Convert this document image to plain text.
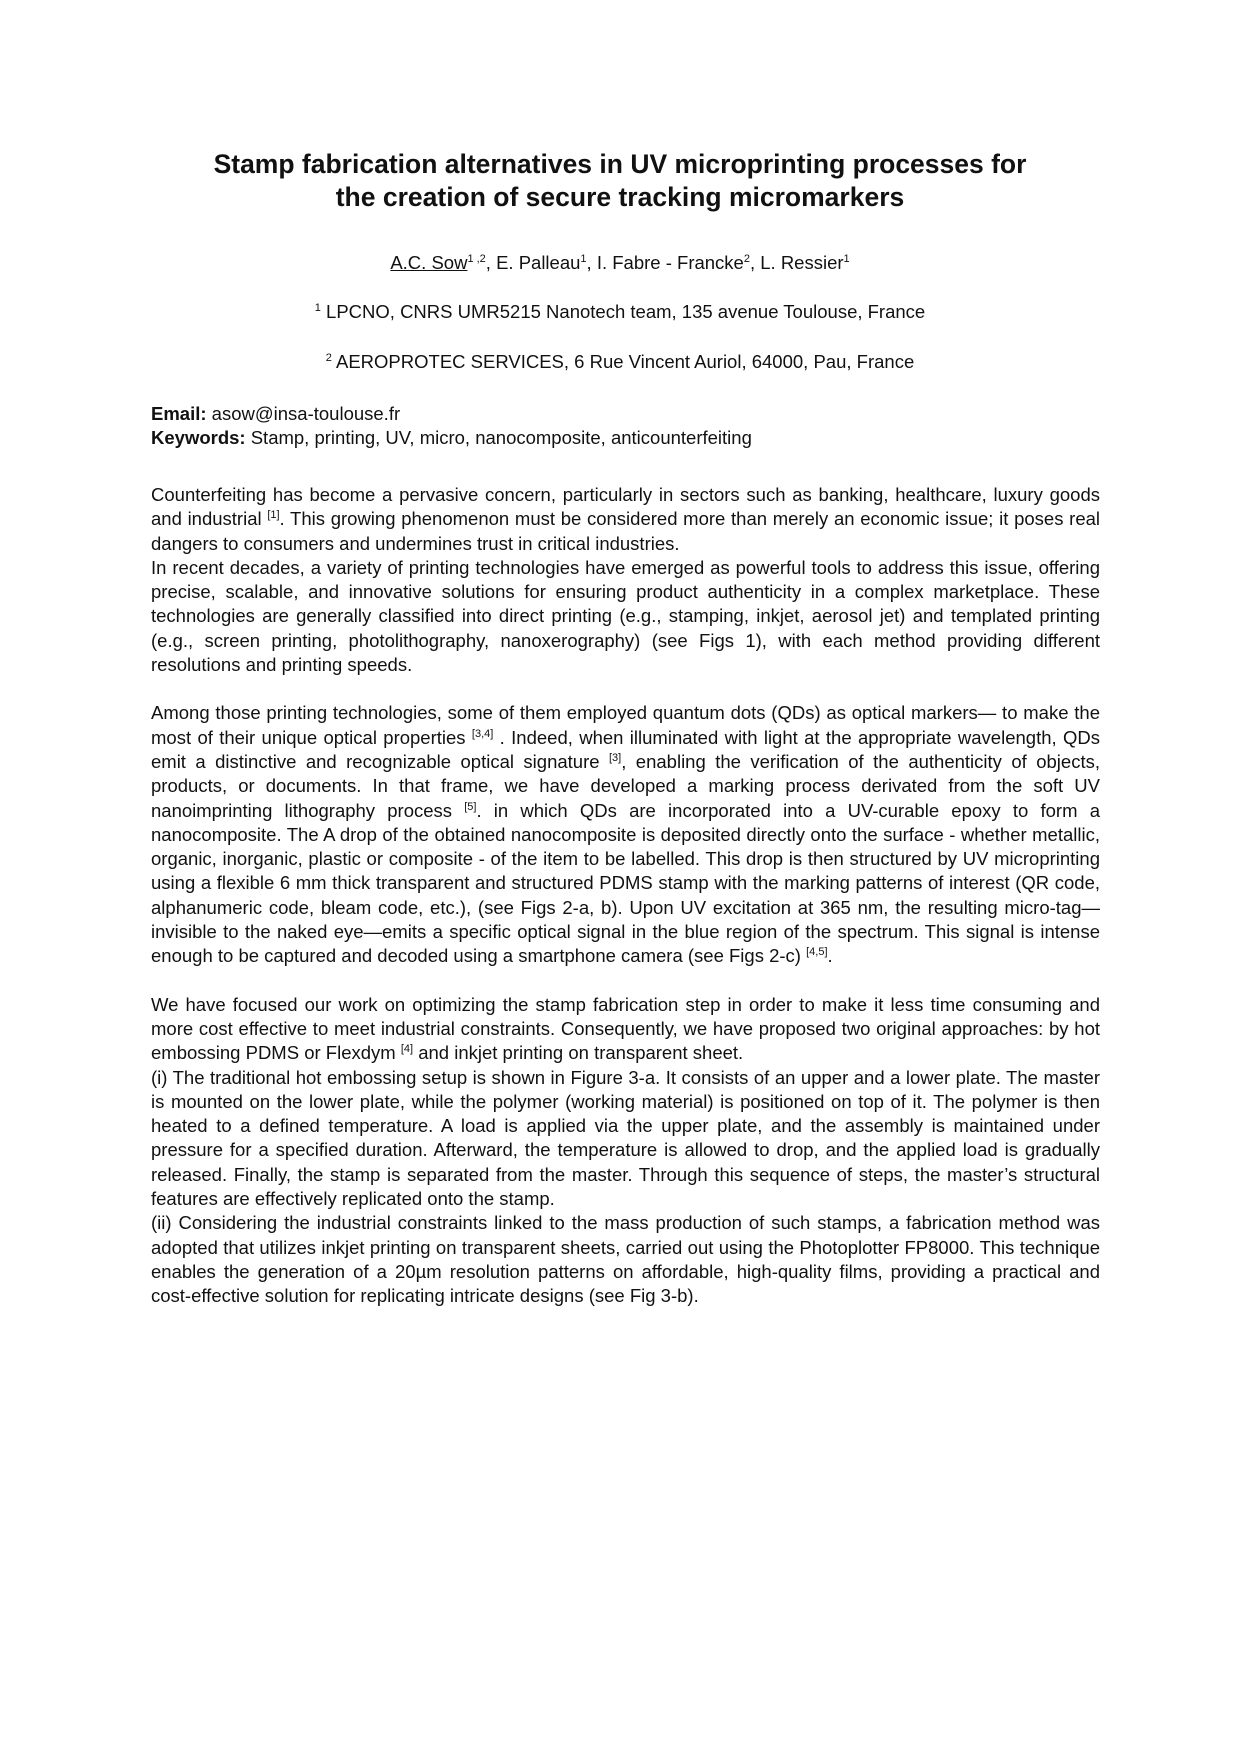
Stamp fabrication alternatives in UV microprinting processes for
the creation of secure tracking micromarkers
A.C. Sow$^{1 ,2}$, E. Palleau$^1$, I. Fabre - Francke$^2$, L. Ressier$^1$
$^1$ LPCNO, CNRS UMR5215 Nanotech team, 135 avenue Toulouse, France
$^2$ AEROPROTEC SERVICES, 6 Rue Vincent Auriol, 64000, Pau, France
Email: asow@insa-toulouse.fr
Keywords: Stamp, printing, UV, micro, nanocomposite, anticounterfeiting

Counterfeiting has become a pervasive concern, particularly in sectors such as banking, healthcare, luxury goods and industrial [1]. This growing phenomenon must be considered more than merely an economic issue; it poses real dangers to consumers and undermines trust in critical industries.

In recent decades, a variety of printing technologies have emerged as powerful tools to address this issue, offering precise, scalable, and innovative solutions for ensuring product authenticity in a complex marketplace. These technologies are generally classified into direct printing (e.g., stamping, inkjet, aerosol jet) and templated printing (e.g., screen printing, photolithography, nanoxerography) (see Figs 1), with each method providing different resolutions and printing speeds.

Among those printing technologies, some of them employed quantum dots (QDs) as optical markers— to make the most of their unique optical properties [3,4] . Indeed, when illuminated with light at the appropriate wavelength, QDs emit a distinctive and recognizable optical signature [3], enabling the verification of the authenticity of objects, products, or documents. In that frame, we have developed a marking process derivated from the soft UV nanoimprinting lithography process [5]. in which QDs are incorporated into a UV-curable epoxy to form a nanocomposite. The A drop of the obtained nanocomposite is deposited directly onto the surface - whether metallic, organic, inorganic, plastic or composite - of the item to be labelled. This drop is then structured by UV microprinting using a flexible 6 mm thick transparent and structured PDMS stamp with the marking patterns of interest (QR code, alphanumeric code, bleam code, etc.), (see Figs 2-a, b). Upon UV excitation at 365 nm, the resulting micro-tag—invisible to the naked eye—emits a specific optical signal in the blue region of the spectrum. This signal is intense enough to be captured and decoded using a smartphone camera (see Figs 2-c) [4,5].

We have focused our work on optimizing the stamp fabrication step in order to make it less time consuming and more cost effective to meet industrial constraints. Consequently, we have proposed two original approaches: by hot embossing PDMS or Flexdym [4] and inkjet printing on transparent sheet.

(i) The traditional hot embossing setup is shown in Figure 3-a. It consists of an upper and a lower plate. The master is mounted on the lower plate, while the polymer (working material) is positioned on top of it. The polymer is then heated to a defined temperature. A load is applied via the upper plate, and the assembly is maintained under pressure for a specified duration. Afterward, the temperature is allowed to drop, and the applied load is gradually released. Finally, the stamp is separated from the master. Through this sequence of steps, the master’s structural features are effectively replicated onto the stamp.

(ii) Considering the industrial constraints linked to the mass production of such stamps, a fabrication method was adopted that utilizes inkjet printing on transparent sheets, carried out using the Photoplotter FP8000. This technique enables the generation of a 20µm resolution patterns on affordable, high-quality films, providing a practical and cost-effective solution for replicating intricate designs (see Fig 3-b).
